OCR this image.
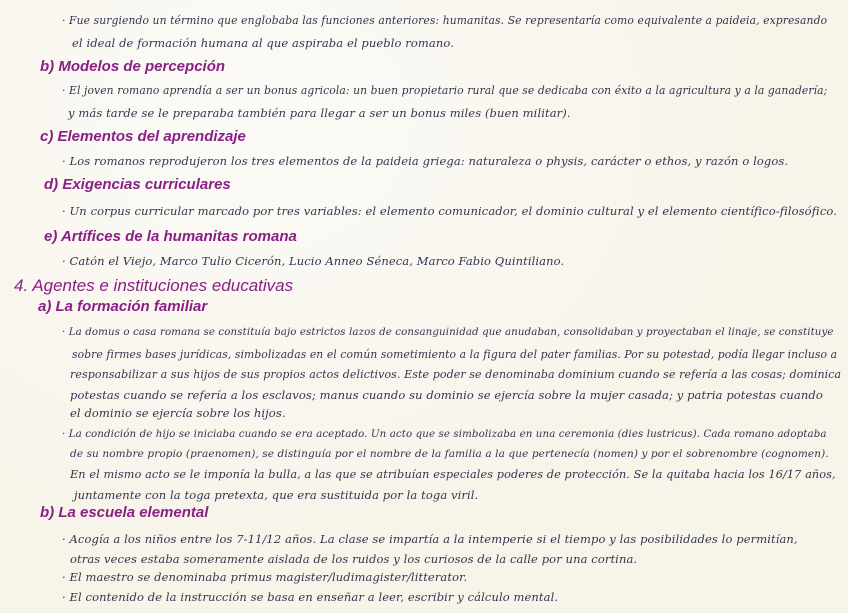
· Fue surgiendo un término que englobaba las funciones anteriores: humanitas. Se representaría como equivalente a paideia, expresando
el ideal de formación humana al que aspiraba el pueblo romano.
b) Modelos de percepción
· El joven romano aprendía a ser un bonus agricola: un buen propietario rural que se dedicaba con éxito a la agricultura y a la ganadería;
y más tarde se le preparaba también para llegar a ser un bonus miles (buen militar).
c) Elementos del aprendizaje
· Los romanos reprodujeron los tres elementos de la paideia griega: naturaleza o physis, carácter o ethos, y razón o logos.
d) Exigencias curriculares
· Un corpus curricular marcado por tres variables: el elemento comunicador, el dominio cultural y el elemento científico-filosófico.
e) Artífices de la humanitas romana
· Catón el Viejo, Marco Tulio Cicerón, Lucio Anneo Séneca, Marco Fabio Quintiliano.
4. Agentes e instituciones educativas
a) La formación familiar
· La domus o casa romana se constituía bajo estrictos lazos de consanguinidad que anudaban, consolidaban y proyectaban el linaje, se constituye
sobre firmes bases jurídicas, simbolizadas en el común sometimiento a la figura del pater familias. Por su potestad, podía llegar incluso a
responsabilizar a sus hijos de sus propios actos delictivos. Este poder se denominaba dominium cuando se refería a las cosas; dominica
potestas cuando se refería a los esclavos; manus cuando su dominio se ejercía sobre la mujer casada; y patria potestas cuando
el dominio se ejercía sobre los hijos.
· La condición de hijo se iniciaba cuando se era aceptado. Un acto que se simbolizaba en una ceremonia (dies lustricus). Cada romano adoptaba
de su nombre propio (praenomen), se distinguía por el nombre de la familia a la que pertenecía (nomen) y por el sobrenombre (cognomen).
En el mismo acto se le imponía la bulla, a las que se atribuían especiales poderes de protección. Se la quitaba hacia los 16/17 años,
juntamente con la toga pretexta, que era sustituida por la toga viril.
b) La escuela elemental
· Acogía a los niños entre los 7-11/12 años. La clase se impartía a la intemperie si el tiempo y las posibilidades lo permitían,
otras veces estaba someramente aislada de los ruidos y los curiosos de la calle por una cortina.
· El maestro se denominaba primus magister/ludimagister/litterator.
· El contenido de la instrucción se basa en enseñar a leer, escribir y cálculo mental.
